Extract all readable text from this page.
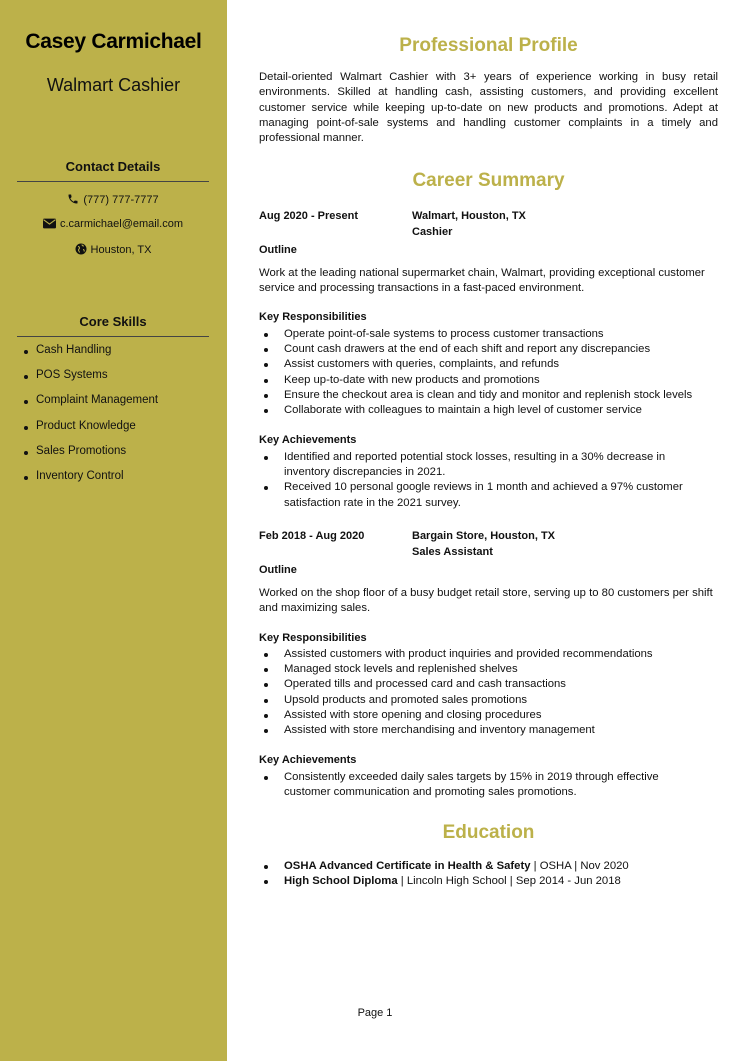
Casey Carmichael
Walmart Cashier
Contact Details
(777) 777-7777
c.carmichael@email.com
Houston, TX
Core Skills
Cash Handling
POS Systems
Complaint Management
Product Knowledge
Sales Promotions
Inventory Control
Professional Profile
Detail-oriented Walmart Cashier with 3+ years of experience working in busy retail environments. Skilled at handling cash, assisting customers, and providing excellent customer service while keeping up-to-date on new products and promotions. Adept at managing point-of-sale systems and handling customer complaints in a timely and professional manner.
Career Summary
Aug 2020 - Present	Walmart, Houston, TX
Cashier
Outline
Work at the leading national supermarket chain, Walmart, providing exceptional customer service and processing transactions in a fast-paced environment.
Key Responsibilities
Operate point-of-sale systems to process customer transactions
Count cash drawers at the end of each shift and report any discrepancies
Assist customers with queries, complaints, and refunds
Keep up-to-date with new products and promotions
Ensure the checkout area is clean and tidy and monitor and replenish stock levels
Collaborate with colleagues to maintain a high level of customer service
Key Achievements
Identified and reported potential stock losses, resulting in a 30% decrease in inventory discrepancies in 2021.
Received 10 personal google reviews in 1 month and achieved a 97% customer satisfaction rate in the 2021 survey.
Feb 2018 - Aug 2020	Bargain Store, Houston, TX
Sales Assistant
Outline
Worked on the shop floor of a busy budget retail store, serving up to 80 customers per shift and maximizing sales.
Key Responsibilities
Assisted customers with product inquiries and provided recommendations
Managed stock levels and replenished shelves
Operated tills and processed card and cash transactions
Upsold products and promoted sales promotions
Assisted with store opening and closing procedures
Assisted with store merchandising and inventory management
Key Achievements
Consistently exceeded daily sales targets by 15% in 2019 through effective customer communication and promoting sales promotions.
Education
OSHA Advanced Certificate in Health & Safety | OSHA | Nov 2020
High School Diploma | Lincoln High School | Sep 2014 - Jun 2018
Page 1
